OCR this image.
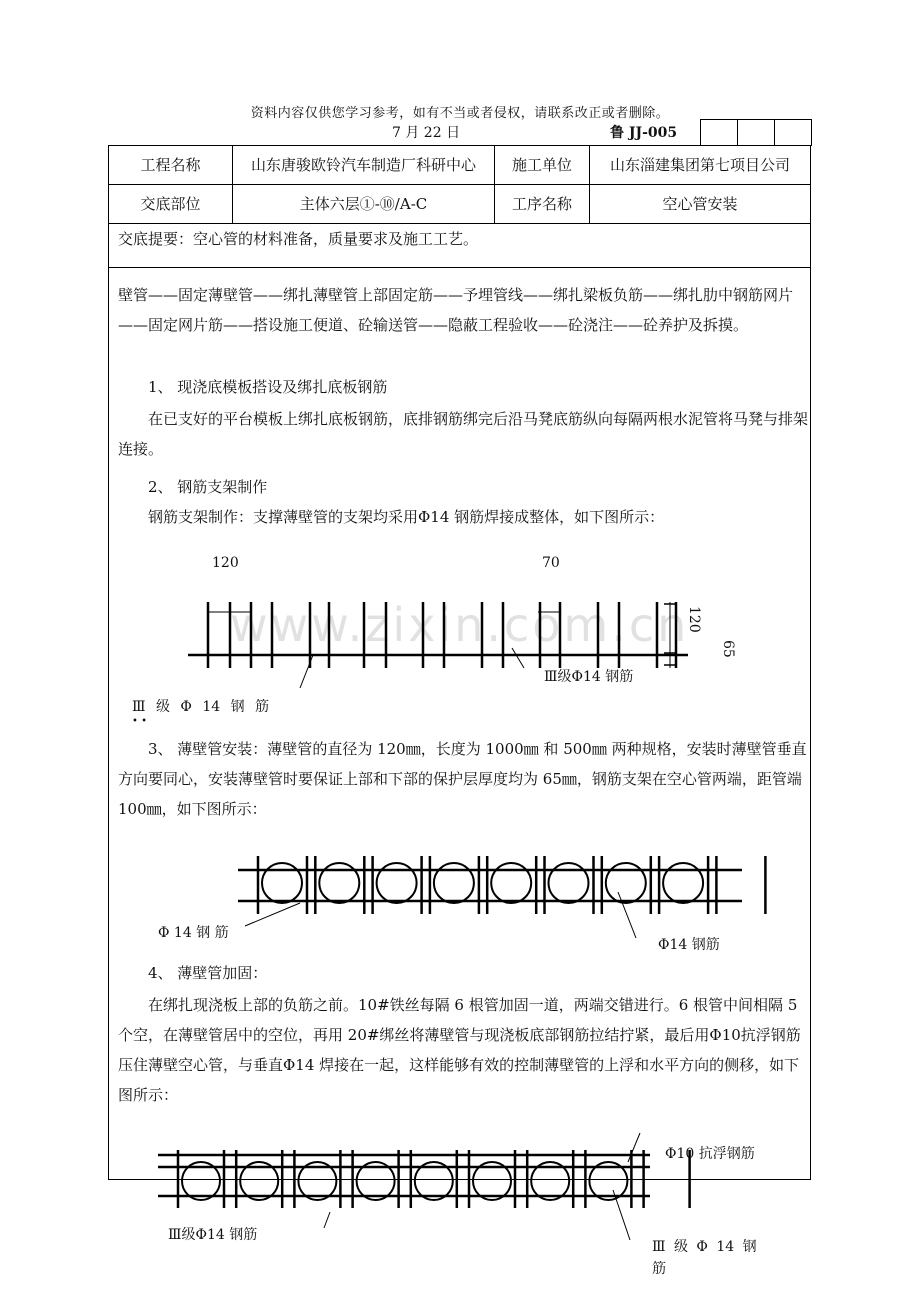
资料内容仅供您学习参考，如有不当或者侵权，请联系改正或者删除。
7 月 22 日	鲁 JJ-005
工程名称	山东唐骏欧铃汽车制造厂科研中心	施工单位	山东淄建集团第七项目公司
交底部位	主体六层①-⑩/A-C	工序名称	空心管安装
交底提要：空心管的材料准备，质量要求及施工工艺。
壁管——固定薄壁管——绑扎薄壁管上部固定筋——予埋管线——绑扎梁板负筋——绑扎肋中钢筋网片——固定网片筋——搭设施工便道、砼输送管——隐蔽工程验收——砼浇注——砼养护及拆摸。
1、 现浇底模板搭设及绑扎底板钢筋
在已支好的平台模板上绑扎底板钢筋，底排钢筋绑完后沿马凳底筋纵向每隔两根水泥管将马凳与排架连接。
2、 钢筋支架制作
钢筋支架制作：支撑薄壁管的支架均采用Φ14 钢筋焊接成整体，如下图所示：
3、 薄壁管安装：薄壁管的直径为 120㎜，长度为 1000㎜ 和 500㎜ 两种规格，安装时薄壁管垂直方向要同心，安装薄壁管时要保证上部和下部的保护层厚度均为 65㎜，钢筋支架在空心管两端，距管端 100㎜，如下图所示：
4、 薄壁管加固：
在绑扎现浇板上部的负筋之前。10#铁丝每隔 6 根管加固一道，两端交错进行。6 根管中间相隔 5 个空，在薄壁管居中的空位，再用 20#绑丝将薄壁管与现浇板底部钢筋拉结拧紧，最后用Φ10抗浮钢筋压住薄壁空心管，与垂直Φ14 焊接在一起，这样能够有效的控制薄壁管的上浮和水平方向的侧移，如下图所示：
www.zixin.com.cn
120	70
120
65
Ⅲ级Φ14 钢筋
Ⅲ 级 Φ 14 钢 筋
• •
Φ 14 钢 筋
Φ14 钢筋
Φ10 抗浮钢筋
Ⅲ级Φ14 钢筋
Ⅲ 级 Φ 14 钢
筋
